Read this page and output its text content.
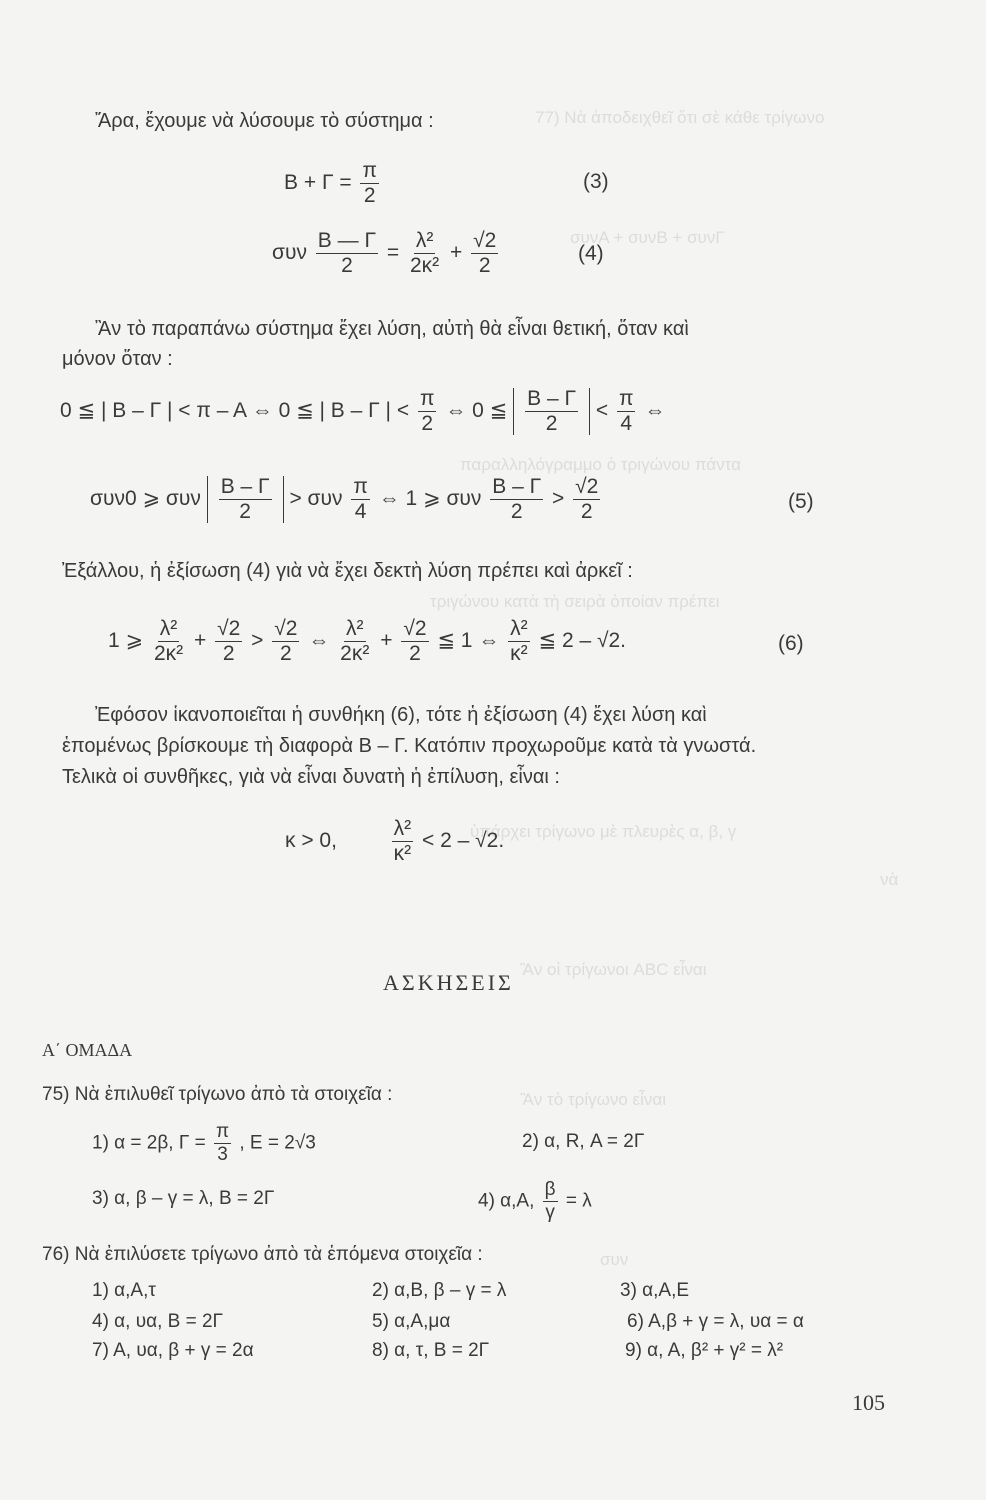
77) Νὰ ἀποδειχθεῖ ὅτι σὲ κάθε τρίγωνο
συνΑ + συνΒ + συνΓ
παραλληλόγραμμο ὁ τριγώνου πάντα
τριγώνου κατὰ τὴ σειρὰ ὁποίαν πρέπει
ὑπάρχει τρίγωνο μὲ πλευρὲς α, β, γ
νὰ
Ἂν οἱ τρίγωνοι ABC εἶναι
Ἂν τὸ τρίγωνο εἶναι
συν
Ἄρα, ἔχουμε νὰ λύσουμε τὸ σύστημα :
$B + \Gamma = \frac{\pi}{2}$	(3)
συν $\frac{B — \Gamma}{2} = \frac{\text{λ²}}{\text{2κ²}} + \frac{√2}{2}$	(4)
Ἂν τὸ παραπάνω σύστημα ἔχει λύση, αὐτὴ θὰ εἶναι θετική, ὅταν καὶ
μόνον ὅταν :
0 ≦ | Β – Γ | < π – Α ⇔ 0 ≦ | Β – Γ | < $\frac{\pi}{2}$ ⇔ 0 ≦ $\frac{B - \Gamma}{2} < \frac{\pi}{4}$ ⇔
συν0 ⩾ συν $\frac{B - \Gamma}{2} > \sigma\upsilon\nu \frac{\pi}{4}$ ⇔ 1 ⩾ συν $\frac{B - \Gamma}{2} > \frac{√2}{2}$	(5)
Ἐξάλλου, ἡ ἐξίσωση (4) γιὰ νὰ ἔχει δεκτὴ λύση πρέπει καὶ ἀρκεῖ :
1 ⩾ $\frac{\text{λ²}}{\text{2κ²}} + \frac{√2}{2} > \frac{√2}{2}$ ⇔ $\frac{\text{λ²}}{\text{2κ²}} + \frac{√2}{2}$ ≦ 1 ⇔ $\frac{\text{λ²}}{\text{κ²}}$ ≦ 2 – √2.	(6)
Ἐφόσον ἱκανοποιεῖται ἡ συνθήκη (6), τότε ἡ ἐξίσωση (4) ἔχει λύση καὶ
ἑπομένως βρίσκουμε τὴ διαφορὰ Β – Γ. Κατόπιν προχωροῦμε κατὰ τὰ γνωστά.
Τελικὰ οἱ συνθῆκες, γιὰ νὰ εἶναι δυνατὴ ἡ ἐπίλυση, εἶναι :
κ > 0,	$\frac{\text{λ²}}{\text{κ²}} < 2 - √2$.
ΑΣΚΗΣΕΙΣ
Α΄ ΟΜΑΔΑ
75) Νὰ ἐπιλυθεῖ τρίγωνο ἀπὸ τὰ στοιχεῖα :
1) α = 2β, $\Gamma = \frac{\pi}{3}$ , Ε = 2√3	2) α, R, Α = 2Γ
3) α, β – γ = λ, Β = 2Γ	4) α,Α, $\frac{\beta}{\gamma} = \lambda$
76) Νὰ ἐπιλύσετε τρίγωνο ἀπὸ τὰ ἑπόμενα στοιχεῖα :
1) α,Α,τ	2) α,Β, β – γ = λ	3) α,Α,Ε
4) α, υα, Β = 2Γ	5) α,Α,μα	6) Α,β + γ = λ, υα = α
7) Α, υα, β + γ = 2α	8) α, τ, Β = 2Γ	9) α, Α, β² + γ² = λ²
105
